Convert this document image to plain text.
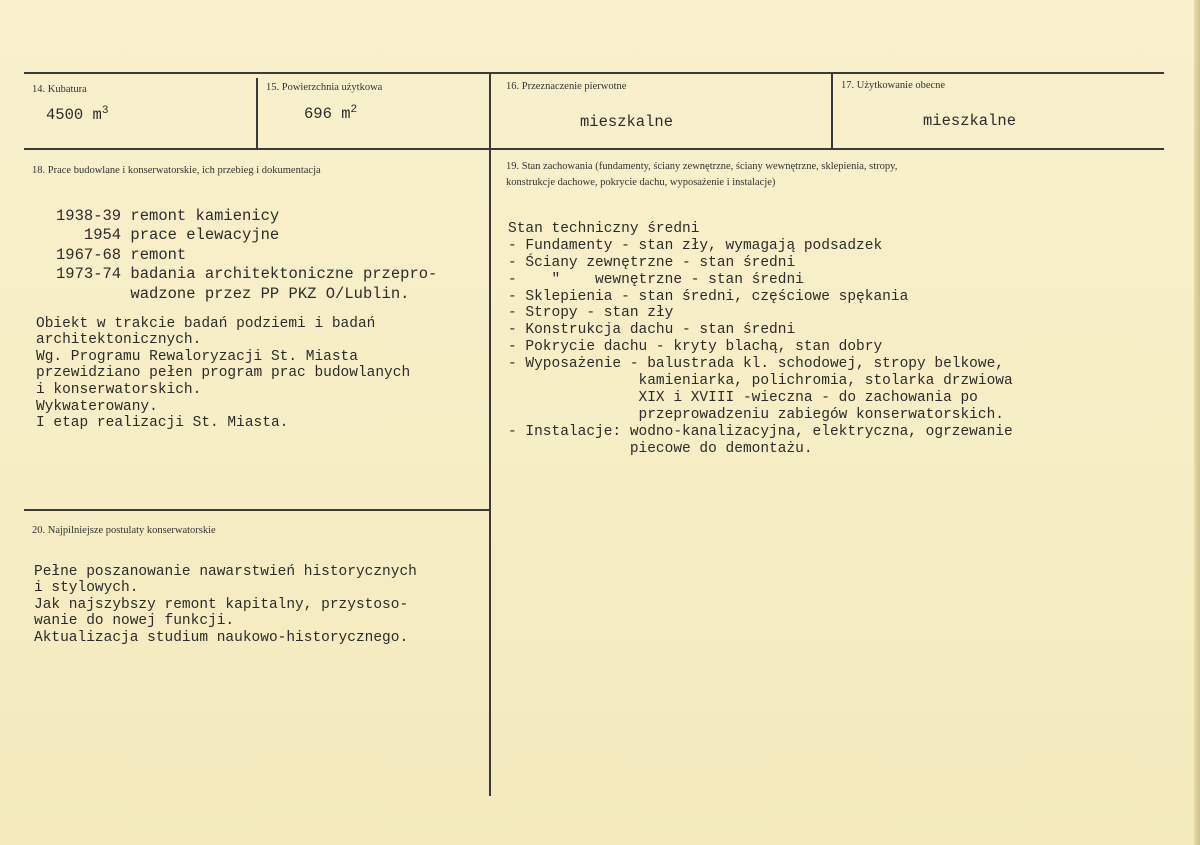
14. Kubatura
4500 $m^3$
15. Powierzchnia użytkowa
696 $m^2$
16. Przeznaczenie pierwotne
mieszkalne
17. Użytkowanie obecne
mieszkalne
18. Prace budowlane i konserwatorskie, ich przebieg i dokumentacja

1938-39 remont kamienicy
1954 prace elewacyjne
1967-68 remont
1973-74 badania architektoniczne przepro-
wadzone przez PP PKZ O/Lublin.

Obiekt w trakcie badań podziemi i badań
architektonicznych.
Wg. Programu Rewaloryzacji St. Miasta
przewidziano pełen program prac budowlanych
i konserwatorskich.
Wykwaterowany.
I etap realizacji St. Miasta.

19. Stan zachowania (fundamenty, ściany zewnętrzne, ściany wewnętrzne, sklepienia, stropy,
konstrukcje dachowe, pokrycie dachu, wyposażenie i instalacje)

Stan techniczny średni
- Fundamenty - stan zły, wymagają podsadzek
- Ściany zewnętrzne - stan średni
-    "    wewnętrzne - stan średni
- Sklepienia - stan średni, częściowe spękania
- Stropy - stan zły
- Konstrukcja dachu - stan średni
- Pokrycie dachu - kryty blachą, stan dobry
- Wyposażenie - balustrada kl. schodowej, stropy belkowe,
kamieniarka, polichromia, stolarka drzwiowa
XIX i XVIII -wieczna - do zachowania po
przeprowadzeniu zabiegów konserwatorskich.
- Instalacje: wodno-kanalizacyjna, elektryczna, ogrzewanie
piecowe do demontażu.

20. Najpilniejsze postulaty konserwatorskie

Pełne poszanowanie nawarstwień historycznych
i stylowych.
Jak najszybszy remont kapitalny, przystoso-
wanie do nowej funkcji.
Aktualizacja studium naukowo-historycznego.
